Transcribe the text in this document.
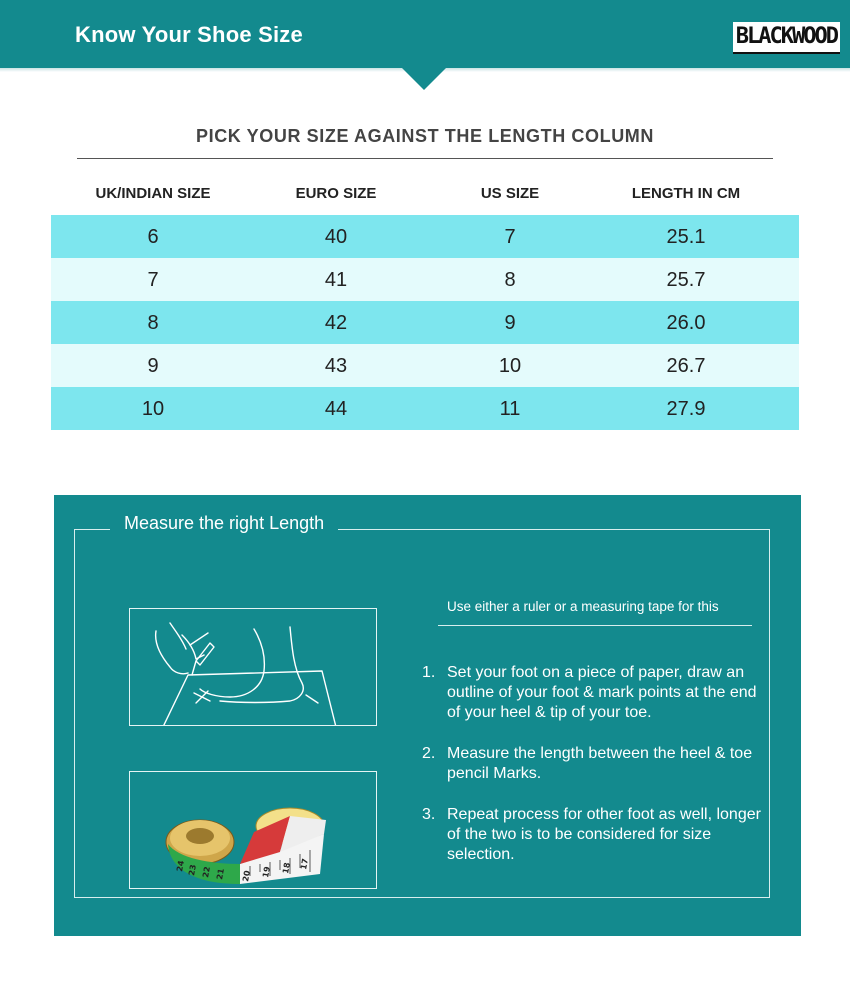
Know Your Shoe Size	BLACKWOOD
PICK YOUR SIZE AGAINST THE LENGTH COLUMN
UK/INDIAN SIZE	EURO SIZE	US SIZE	LENGTH IN CM
6	40	7	25.1
7	41	8	25.7
8	42	9	26.0
9	43	10	26.7
10	44	11	27.9
24 23 22 21 20 19 18 17
Use either a ruler or a measuring tape for this
1. Set your foot on a piece of paper, draw an outline of your foot & mark points at the end of your heel & tip of your toe.
2. Measure the length between the heel & toe pencil Marks.
3. Repeat process for other foot as well, longer of the two is to be considered for size selection.
Measure the right Length
